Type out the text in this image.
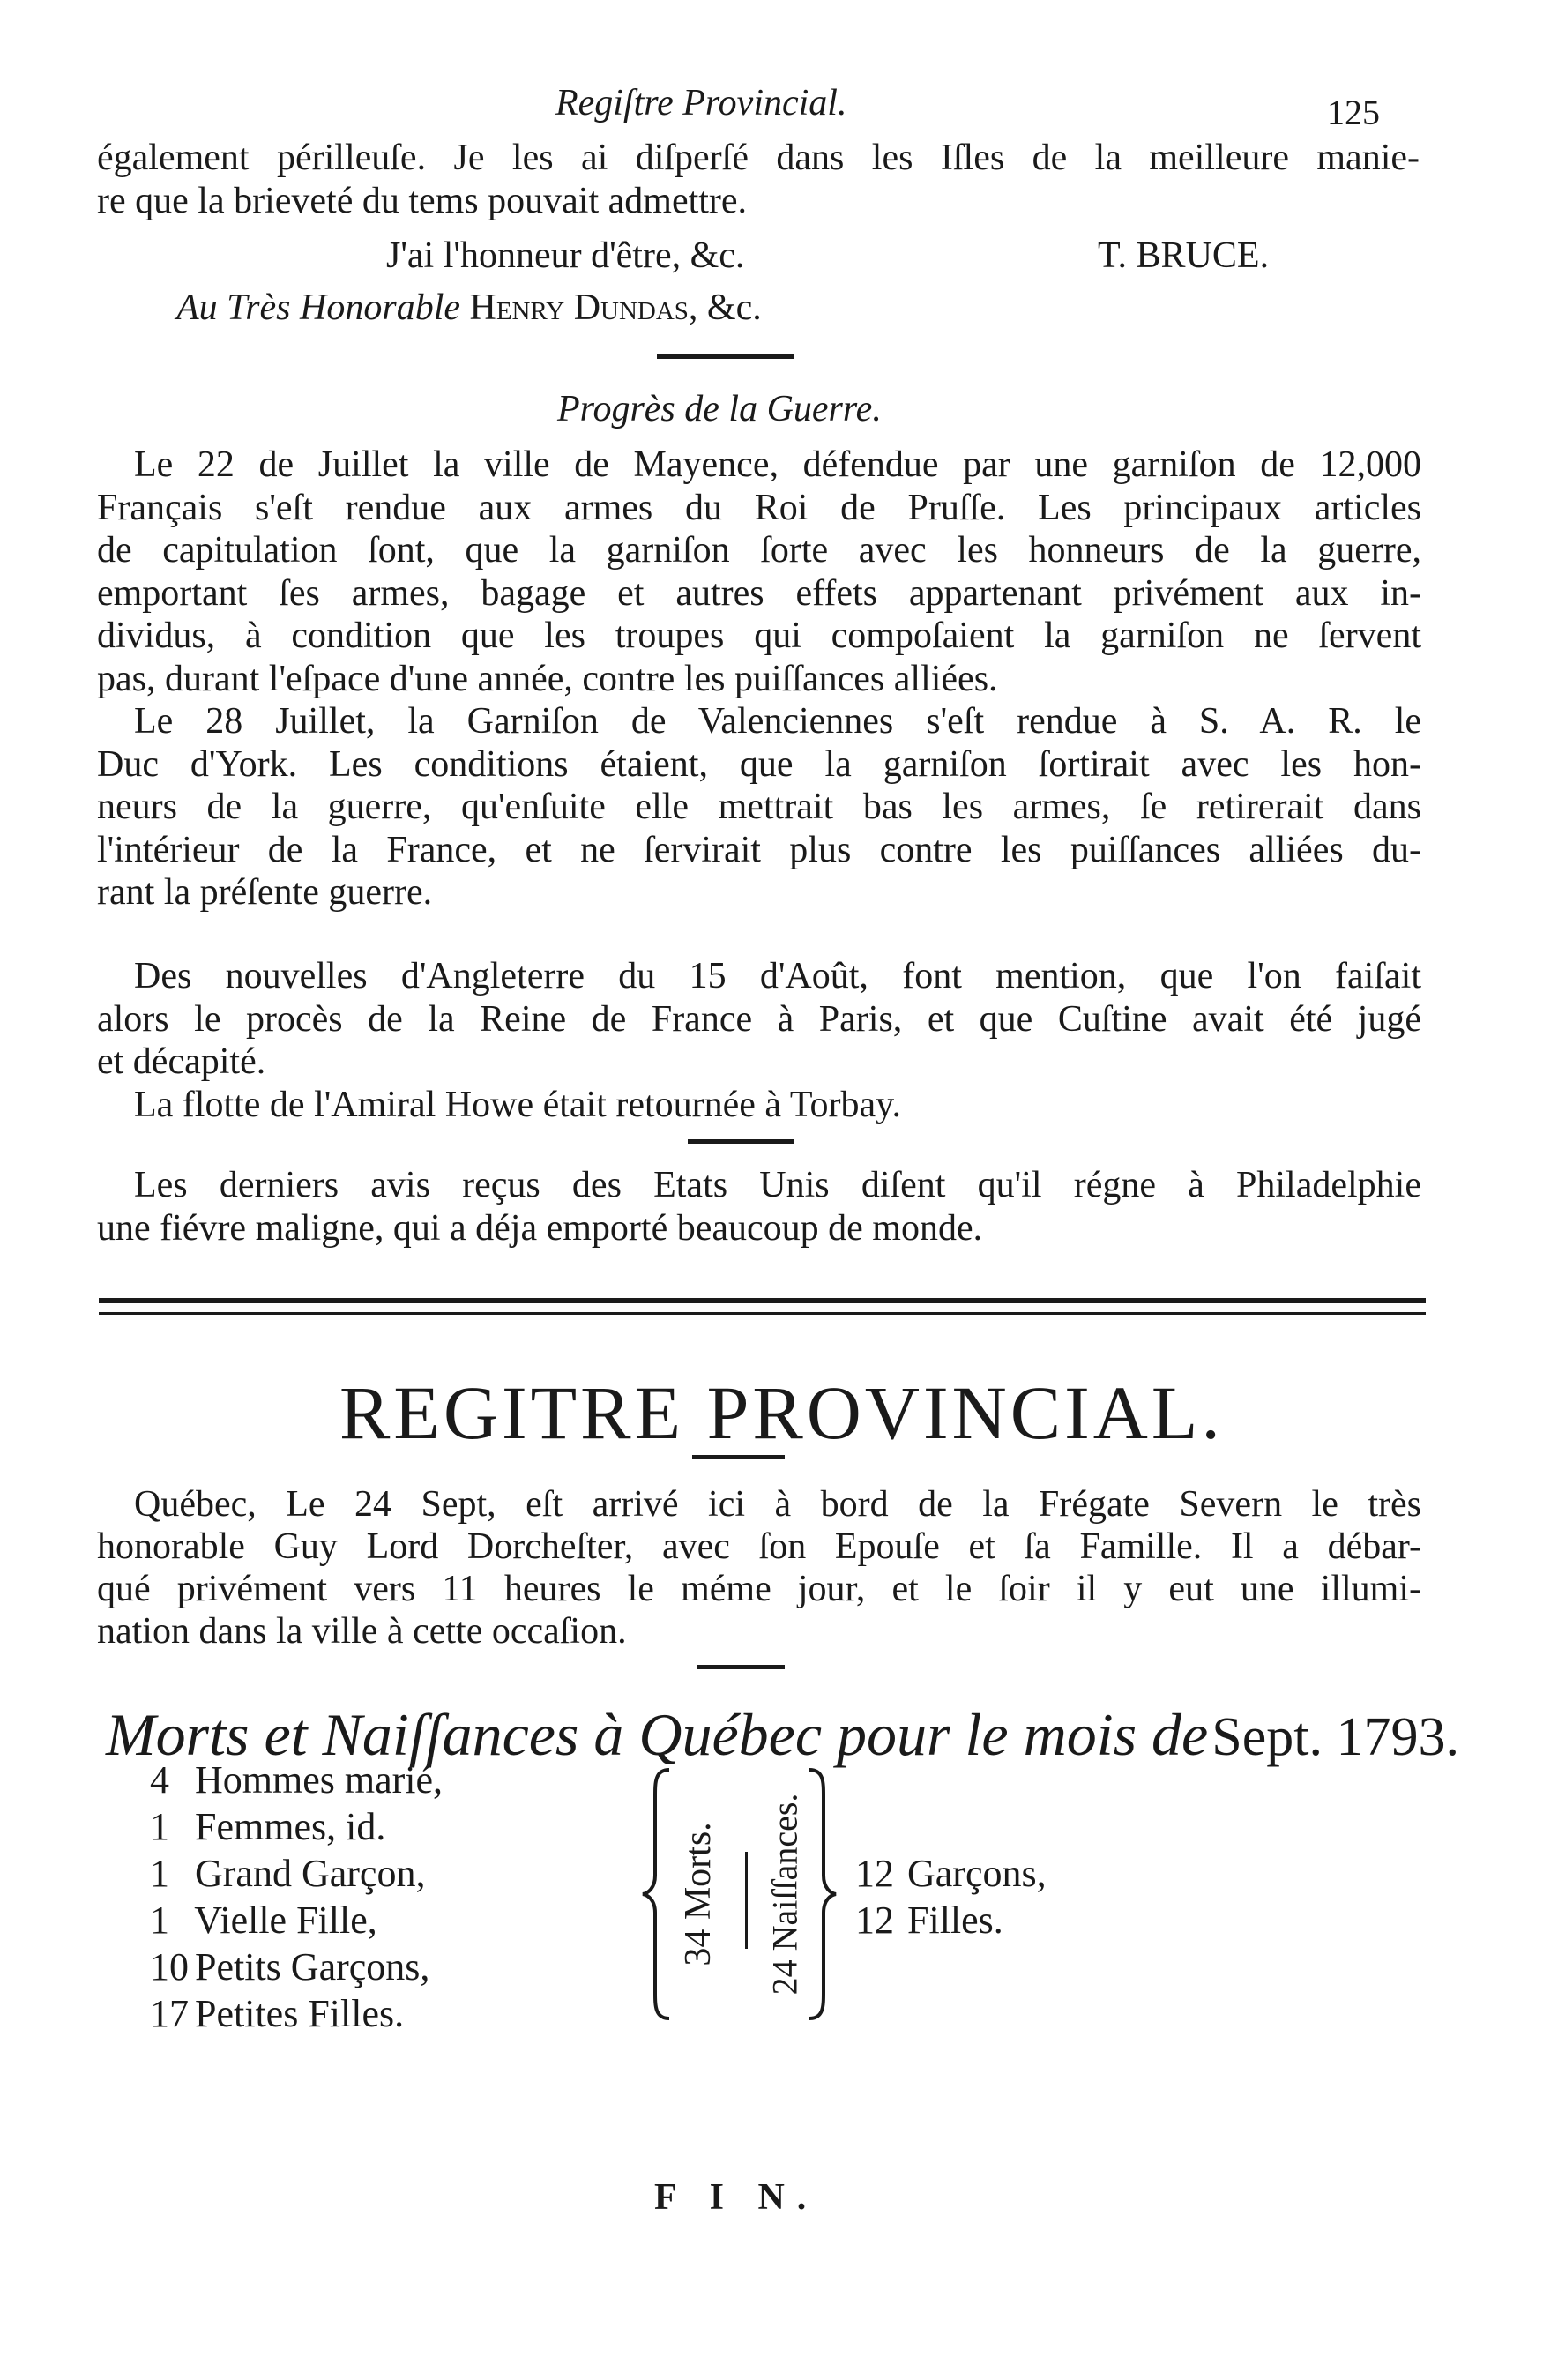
Regiſtre Provincial.	125
également périlleuſe. Je les ai diſperſé dans les Iſles de la meilleure manie-
re que la brieveté du tems pouvait admettre.
J'ai l'honneur d'être, &c.	T. BRUCE.
Au Très Honorable Henry Dundas, &c.
Progrès de la Guerre.
Le 22 de Juillet la ville de Mayence, défendue par une garniſon de 12,000
Français s'eſt rendue aux armes du Roi de Pruſſe. Les principaux articles
de capitulation ſont, que la garniſon ſorte avec les honneurs de la guerre,
emportant ſes armes, bagage et autres effets appartenant privément aux in-
dividus, à condition que les troupes qui compoſaient la garniſon ne ſervent
pas, durant l'eſpace d'une année, contre les puiſſances alliées.
Le 28 Juillet, la Garniſon de Valenciennes s'eſt rendue à S. A. R. le
Duc d'York. Les conditions étaient, que la garniſon ſortirait avec les hon-
neurs de la guerre, qu'enſuite elle mettrait bas les armes, ſe retirerait dans
l'intérieur de la France, et ne ſervirait plus contre les puiſſances alliées du-
rant la préſente guerre.
Des nouvelles d'Angleterre du 15 d'Août, font mention, que l'on faiſait
alors le procès de la Reine de France à Paris, et que Cuſtine avait été jugé
et décapité.
La flotte de l'Amiral Howe était retournée à Torbay.
Les derniers avis reçus des Etats Unis diſent qu'il régne à Philadelphie
une fiévre maligne, qui a déja emporté beaucoup de monde.
REGITRE PROVINCIAL.
Québec, Le 24 Sept, eſt arrivé ici à bord de la Frégate Severn le très
honorable Guy Lord Dorcheſter, avec ſon Epouſe et ſa Famille. Il a débar-
qué privément vers 11 heures le méme jour, et le ſoir il y eut une illumi-
nation dans la ville à cette occaſion.
Morts et Naiſſances à Québec pour le mois de Sept. 1793.
4 Hommes marié,
1 Femmes, id.
1 Grand Garçon,
1 Vielle Fille,
10 Petits Garçons,
17 Petites Filles.
34 Morts. 24 Naiſſances. 12 Garçons,
12 Filles.
F I N.
